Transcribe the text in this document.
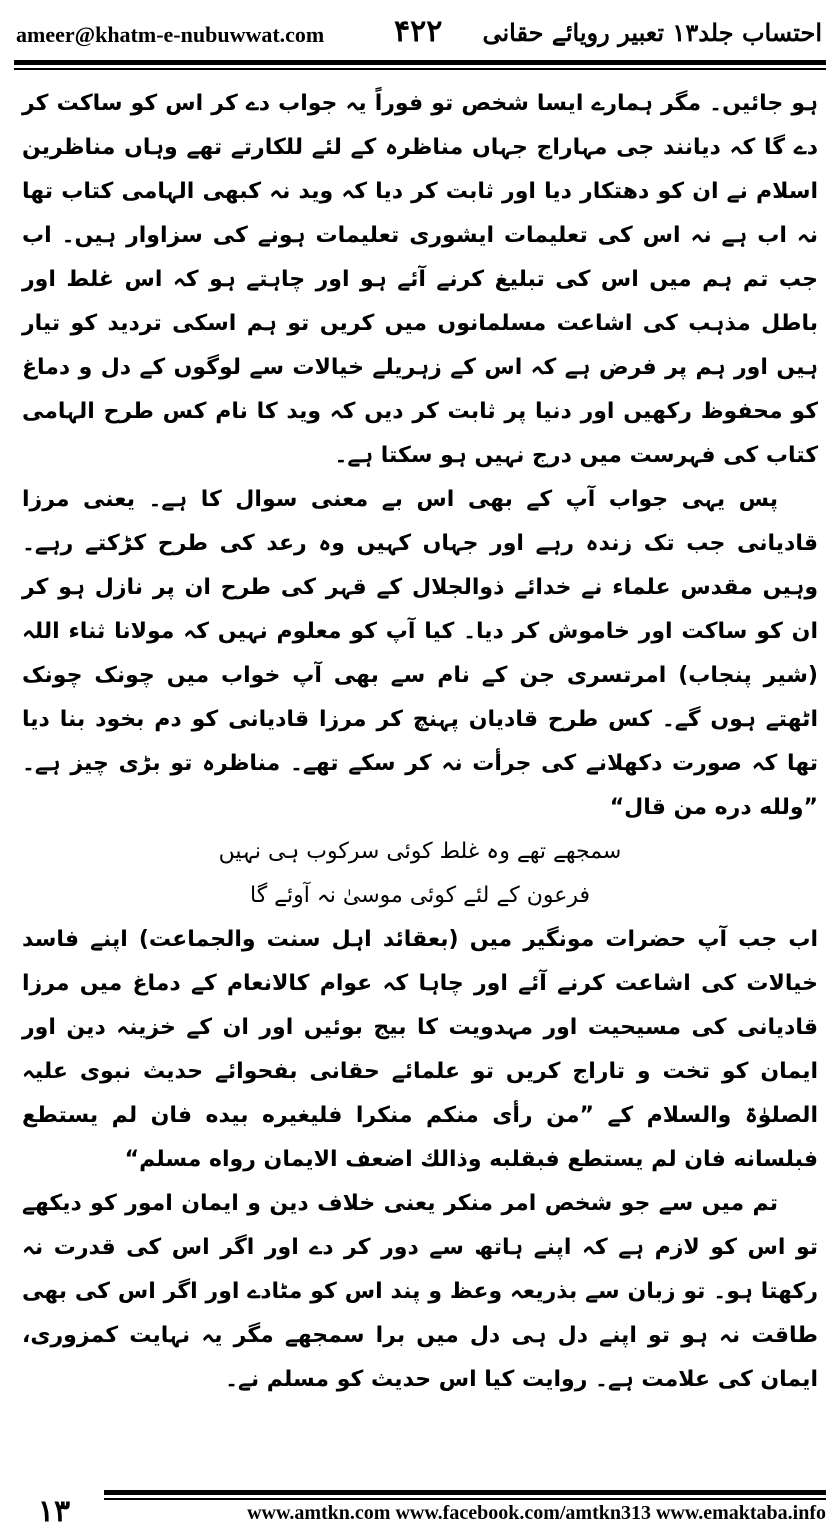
ameer@khatm-e-nubuwwat.com ۴۲۲ احتساب جلد۱۳ تعبیر رویائے حقانی

ہو جائیں۔ مگر ہمارے ایسا شخص تو فوراً یہ جواب دے کر اس کو ساکت کر دے گا کہ دیانند جی مہاراج جہاں مناظرہ کے لئے للکارتے تھے وہاں مناظرین اسلام نے ان کو دھتکار دیا اور ثابت کر دیا کہ وید نہ کبھی الہامی کتاب تھا نہ اب ہے نہ اس کی تعلیمات ایشوری تعلیمات ہونے کی سزاوار ہیں۔ اب جب تم ہم میں اس کی تبلیغ کرنے آئے ہو اور چاہتے ہو کہ اس غلط اور باطل مذہب کی اشاعت مسلمانوں میں کریں تو ہم اسکی تردید کو تیار ہیں اور ہم پر فرض ہے کہ اس کے زہریلے خیالات سے لوگوں کے دل و دماغ کو محفوظ رکھیں اور دنیا پر ثابت کر دیں کہ وید کا نام کس طرح الہامی کتاب کی فہرست میں درج نہیں ہو سکتا ہے۔

پس یہی جواب آپ کے بھی اس بے معنی سوال کا ہے۔ یعنی مرزا قادیانی جب تک زندہ رہے اور جہاں کہیں وہ رعد کی طرح کڑکتے رہے۔ وہیں مقدس علماء نے خدائے ذوالجلال کے قہر کی طرح ان پر نازل ہو کر ان کو ساکت اور خاموش کر دیا۔ کیا آپ کو معلوم نہیں کہ مولانا ثناء اللہ (شیر پنجاب) امرتسری جن کے نام سے بھی آپ خواب میں چونک چونک اٹھتے ہوں گے۔ کس طرح قادیان پہنچ کر مرزا قادیانی کو دم بخود بنا دیا تھا کہ صورت دکھلانے کی جرأت نہ کر سکے تھے۔ مناظرہ تو بڑی چیز ہے۔ ”ولله دره من قال“

سمجھے تھے وہ غلط کوئی سرکوب ہی نہیں

فرعون کے لئے کوئی موسیٰ نہ آوئے گا

اب جب آپ حضرات مونگیر میں (بعقائد اہل سنت والجماعت) اپنے فاسد خیالات کی اشاعت کرنے آئے اور چاہا کہ عوام کالانعام کے دماغ میں مرزا قادیانی کی مسیحیت اور مہدویت کا بیج بوئیں اور ان کے خزینہ دین اور ایمان کو تخت و تاراج کریں تو علمائے حقانی بفحوائے حدیث نبوی علیہ الصلوٰۃ والسلام کے ”من رأى منكم منكرا فليغيره بيده فان لم يستطع فبلسانه فان لم يستطع فبقلبه وذالك اضعف الايمان رواه مسلم“

تم میں سے جو شخص امر منکر یعنی خلاف دین و ایمان امور کو دیکھے تو اس کو لازم ہے کہ اپنے ہاتھ سے دور کر دے اور اگر اس کی قدرت نہ رکھتا ہو۔ تو زبان سے بذریعہ وعظ و پند اس کو مٹادے اور اگر اس کی بھی طاقت نہ ہو تو اپنے دل ہی دل میں برا سمجھے مگر یہ نہایت کمزوری، ایمان کی علامت ہے۔ روایت کیا اس حدیث کو مسلم نے۔

۱۳	www.amtkn.com www.facebook.com/amtkn313 www.emaktaba.info
